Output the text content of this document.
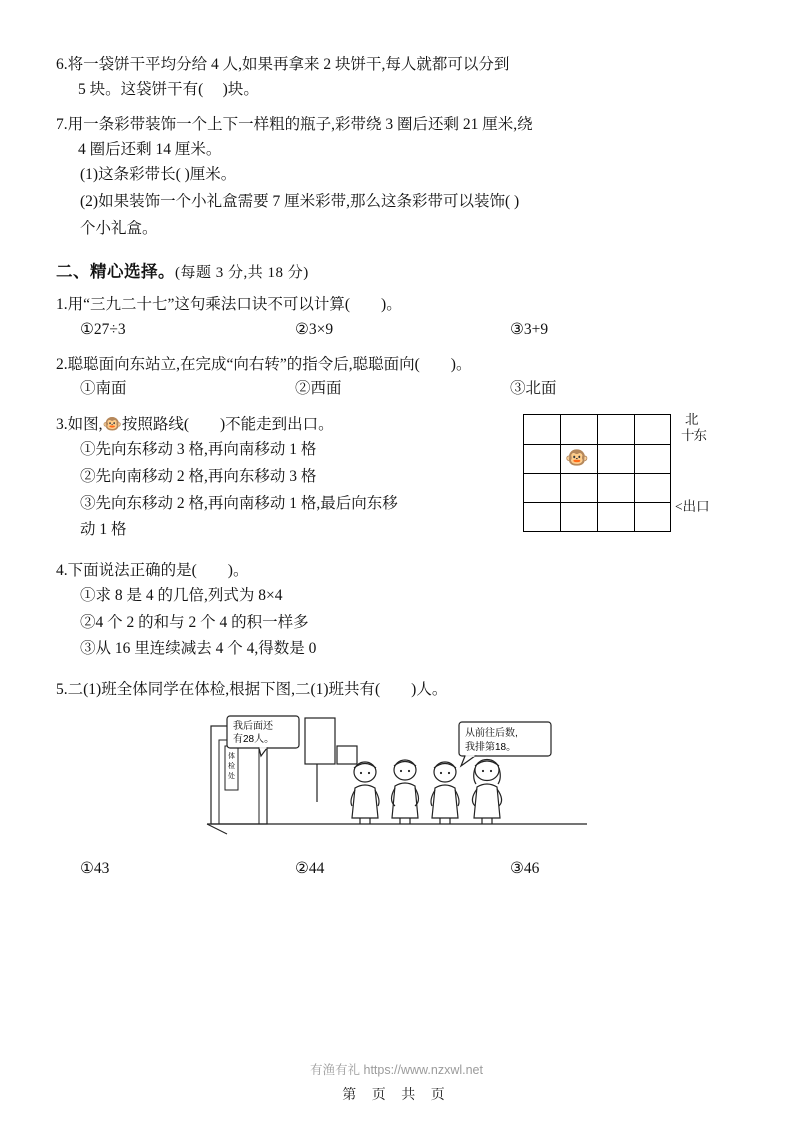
6.将一袋饼干平均分给 4 人,如果再拿来 2 块饼干,每人就都可以分到
5 块。这袋饼干有(     )块。
7.用一条彩带装饰一个上下一样粗的瓶子,彩带绕 3 圈后还剩 21 厘米,绕
4 圈后还剩 14 厘米。
(1)这条彩带长( )厘米。
(2)如果装饰一个小礼盒需要 7 厘米彩带,那么这条彩带可以装饰( )
个小礼盒。
二、精心选择。(每题 3 分,共 18 分)
1.用“三九二十七”这句乘法口诀不可以计算(        )。
①27÷3	②3×9	③3+9
2.聪聪面向东站立,在完成“向右转”的指令后,聪聪面向(        )。
①南面	②西面	③北面
3.如图,🐵按照路线(        )不能走到出口。
①先向东移动 3 格,再向南移动 1 格
②先向南移动 2 格,再向东移动 3 格
③先向东移动 2 格,再向南移动 1 格,最后向东移
动 1 格
🐵
北
十东
<出口
4.下面说法正确的是(        )。
①求 8 是 4 的几倍,列式为 8×4
②4 个 2 的和与 2 个 4 的积一样多
③从 16 里连续减去 4 个 4,得数是 0
5.二(1)班全体同学在体检,根据下图,二(1)班共有(        )人。
体
检
处
我后面还
有28人。
从前往后数,
我排第18。
①43	②44	③46
有渔有礼 https://www.nzxwl.net
第 页 共 页
